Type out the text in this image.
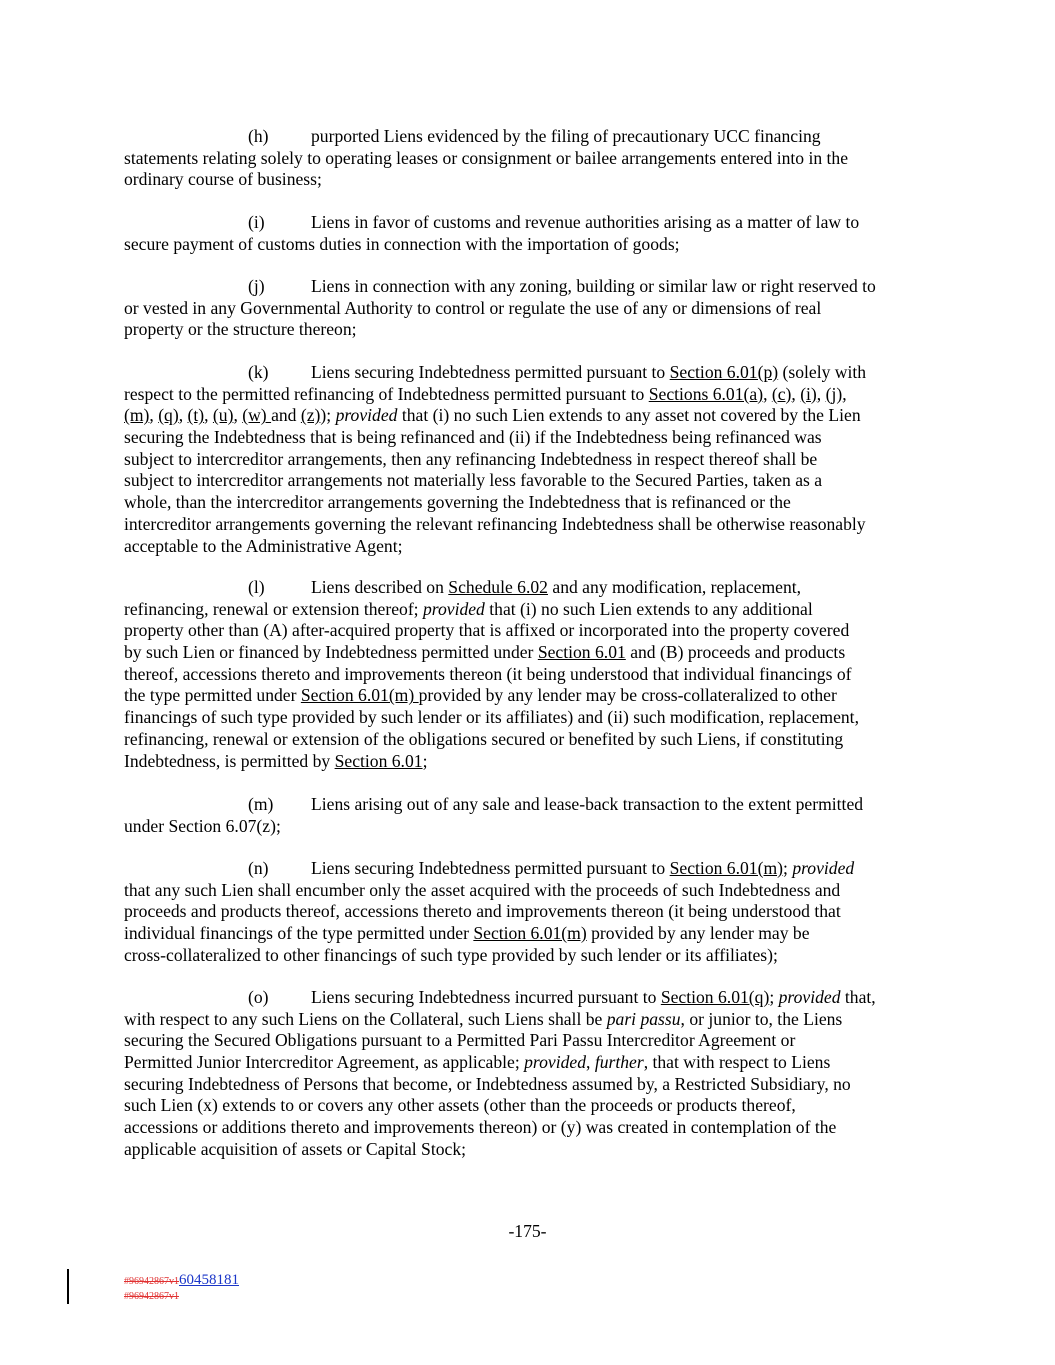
(h) purported Liens evidenced by the filing of precautionary UCC financing
statements relating solely to operating leases or consignment or bailee arrangements entered into in the
ordinary course of business;
(i)	Liens in favor of customs and revenue authorities arising as a matter of law to
secure payment of customs duties in connection with the importation of goods;
(j)	Liens in connection with any zoning, building or similar law or right reserved to
or vested in any Governmental Authority to control or regulate the use of any or dimensions of real
property or the structure thereon;
(k) Liens securing Indebtedness permitted pursuant to Section 6.01(p) (solely with
respect to the permitted refinancing of Indebtedness permitted pursuant to Sections 6.01(a), (c), (i), (j),
(m), (q), (t), (u), (w) and (z)); provided that (i) no such Lien extends to any asset not covered by the Lien
securing the Indebtedness that is being refinanced and (ii) if the Indebtedness being refinanced was
subject to intercreditor arrangements, then any refinancing Indebtedness in respect thereof shall be
subject to intercreditor arrangements not materially less favorable to the Secured Parties, taken as a
whole, than the intercreditor arrangements governing the Indebtedness that is refinanced or the
intercreditor arrangements governing the relevant refinancing Indebtedness shall be otherwise reasonably
acceptable to the Administrative Agent;
(l)	Liens described on Schedule 6.02 and any modification, replacement,
refinancing, renewal or extension thereof; provided that (i) no such Lien extends to any additional
property other than (A) after-acquired property that is affixed or incorporated into the property covered
by such Lien or financed by Indebtedness permitted under Section 6.01 and (B) proceeds and products
thereof, accessions thereto and improvements thereon (it being understood that individual financings of
the type permitted under Section 6.01(m) provided by any lender may be cross-collateralized to other
financings of such type provided by such lender or its affiliates) and (ii) such modification, replacement,
refinancing, renewal or extension of the obligations secured or benefited by such Liens, if constituting
Indebtedness, is permitted by Section 6.01;
(m) Liens arising out of any sale and lease-back transaction to the extent permitted
under Section 6.07(z);
(n) Liens securing Indebtedness permitted pursuant to Section 6.01(m); provided
that any such Lien shall encumber only the asset acquired with the proceeds of such Indebtedness and
proceeds and products thereof, accessions thereto and improvements thereon (it being understood that
individual financings of the type permitted under Section 6.01(m) provided by any lender may be
cross-collateralized to other financings of such type provided by such lender or its affiliates);
(o) Liens securing Indebtedness incurred pursuant to Section 6.01(q); provided that,
with respect to any such Liens on the Collateral, such Liens shall be pari passu, or junior to, the Liens
securing the Secured Obligations pursuant to a Permitted Pari Passu Intercreditor Agreement or
Permitted Junior Intercreditor Agreement, as applicable; provided, further, that with respect to Liens
securing Indebtedness of Persons that become, or Indebtedness assumed by, a Restricted Subsidiary, no
such Lien (x) extends to or covers any other assets (other than the proceeds or products thereof,
accessions or additions thereto and improvements thereon) or (y) was created in contemplation of the
applicable acquisition of assets or Capital Stock;
-175-
#96942867v160458181
#96942867v1
